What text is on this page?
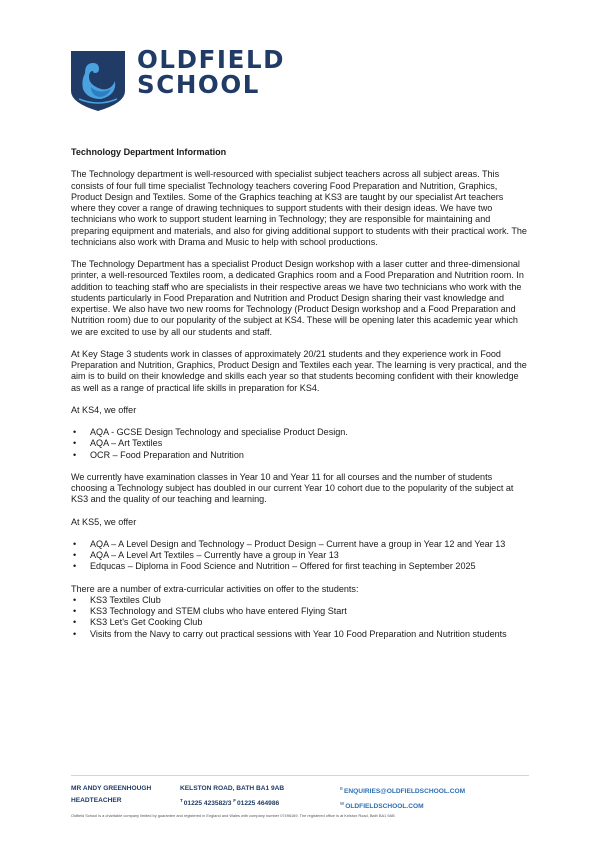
OLDFIELD
SCHOOL
Technology Department Information

The Technology department is well-resourced with specialist subject teachers across all subject areas. This consists of four full time specialist Technology teachers covering Food Preparation and Nutrition, Graphics, Product Design and Textiles. Some of the Graphics teaching at KS3 are taught by our specialist Art teachers where they cover a range of drawing techniques to support students with their design ideas. We have two technicians who work to support student learning in Technology; they are responsible for maintaining and preparing equipment and materials, and also for giving additional support to students with their practical work. The technicians also work with Drama and Music to help with school productions.

The Technology Department has a specialist Product Design workshop with a laser cutter and three-dimensional printer, a well-resourced Textiles room, a dedicated Graphics room and a Food Preparation and Nutrition room. In addition to teaching staff who are specialists in their respective areas we have two technicians who work with the students particularly in Food Preparation and Nutrition and Product Design sharing their vast knowledge and expertise. We also have two new rooms for Technology (Product Design workshop and a Food Preparation and Nutrition room) due to our popularity of the subject at KS4. These will be opening later this academic year which we are excited to use by all our students and staff.

At Key Stage 3 students work in classes of approximately 20/21 students and they experience work in Food Preparation and Nutrition, Graphics, Product Design and Textiles each year. The learning is very practical, and the aim is to build on their knowledge and skills each year so that students becoming confident with their knowledge as well as a range of practical life skills in preparation for KS4.

At KS4, we offer

• AQA - GCSE Design Technology and specialise Product Design.
• AQA – Art Textiles
• OCR – Food Preparation and Nutrition

We currently have examination classes in Year 10 and Year 11 for all courses and the number of students choosing a Technology subject has doubled in our current Year 10 cohort due to the popularity of the subject at KS3 and the quality of our teaching and learning.

At KS5, we offer

• AQA – A Level Design and Technology – Product Design – Current have a group in Year 12 and Year 13
• AQA – A Level Art Textiles – Currently have a group in Year 13
• Edqucas – Diploma in Food Science and Nutrition – Offered for first teaching in September 2025
There are a number of extra-curricular activities on offer to the students:
• KS3 Textiles Club
• KS3 Technology and STEM clubs who have entered Flying Start
• KS3 Let's Get Cooking Club
• Visits from the Navy to carry out practical sessions with Year 10 Food Preparation and Nutrition students
MR ANDY GREENHOUGH
HEADTEACHER
KELSTON ROAD, BATH BA1 9AB
$^T$01225 423582/3 $^F$01225 464986
$^E$ENQUIRIES@OLDFIELDSCHOOL.COM
$^W$OLDFIELDSCHOOL.COM
Oldfield School is a charitable company limited by guarantee and registered in England and Wales with company number 07496169. The registered office is at Kelston Road, Bath BA1 9AB
